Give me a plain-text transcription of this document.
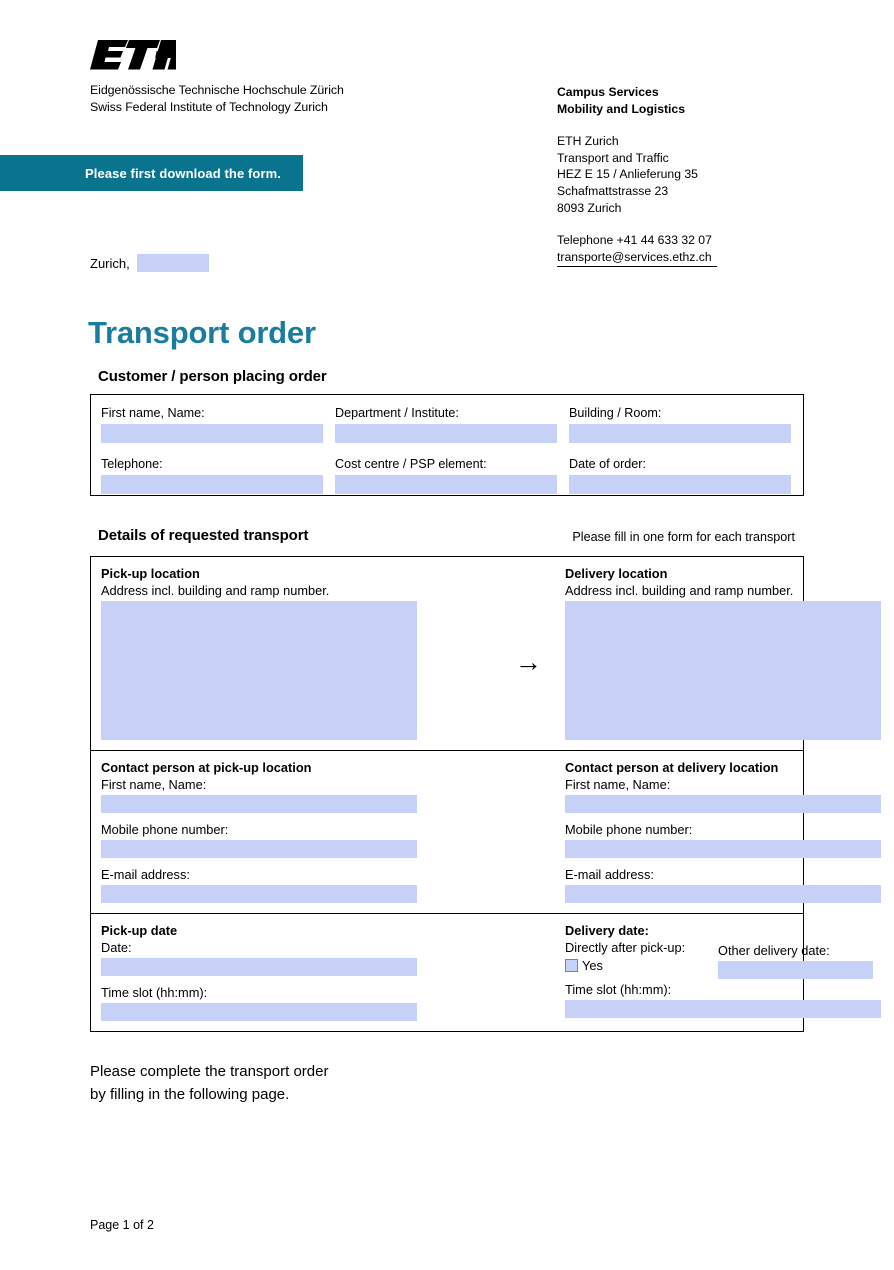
Eidgenössische Technische Hochschule Zürich
Swiss Federal Institute of Technology Zurich
Campus Services
Mobility and Logistics
ETH Zurich
Transport and Traffic
HEZ E 15 / Anlieferung 35
Schafmattstrasse 23
8093 Zurich
Telephone +41 44 633 32 07
transporte@services.ethz.ch
Please first download the form.
Zurich,
Transport order
Customer / person placing order
First name, Name:	Department / Institute:	Building / Room:
Telephone:	Cost centre / PSP element:	Date of order:
Details of requested transport	Please fill in one form for each transport
Pick-up location
Address incl. building and ramp number.
Delivery location
Address incl. building and ramp number.
→
Contact person at pick-up location
First name, Name:
Mobile phone number:
E-mail address:
Contact person at delivery location
First name, Name:
Mobile phone number:
E-mail address:
Pick-up date
Date:
Time slot (hh:mm):
Delivery date:
Directly after pick-up:
Yes
Time slot (hh:mm):
Other delivery date:
Please complete the transport order
by filling in the following page.
Page 1 of 2
